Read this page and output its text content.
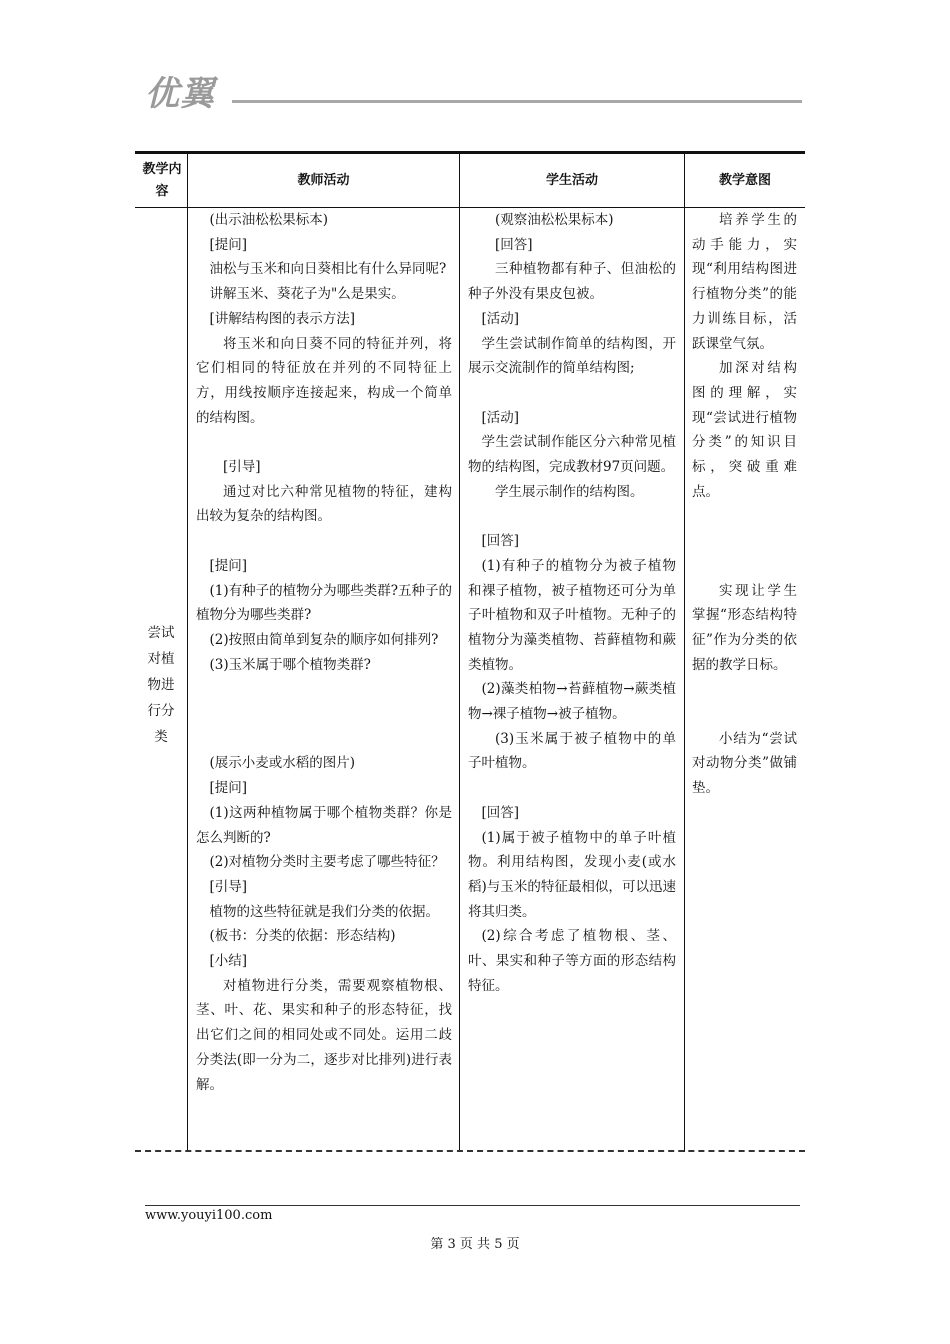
优翼
教学内容
教师活动	学生活动	教学意图
尝试
对植
物进
行分
类

(出示油松松果标本)

[提问]

油松与玉米和向日葵相比有什么异同呢?

讲解玉米、葵花子为"么是果实。

[讲解结构图的表示方法]

将玉米和向日葵不同的特征并列，将它们相同的特征放在并列的不同特征上方，用线按顺序连接起来，构成一个简单的结构图。

[引导]

通过对比六种常见植物的特征，建构出较为复杂的结构图。

[提问]

(1)有种子的植物分为哪些类群?五种子的植物分为哪些类群?

(2)按照由简单到复杂的顺序如何排列?

(3)玉米属于哪个植物类群?

(展示小麦或水稻的图片)

[提问]

(1)这两种植物属于哪个植物类群？你是怎么判断的?

(2)对植物分类时主要考虑了哪些特征？

[引导]

植物的这些特征就是我们分类的依据。

(板书：分类的依据：形态结构)

[小结]

对植物进行分类，需要观察植物根、茎、叶、花、果实和种子的形态特征，找出它们之间的相同处或不同处。运用二歧分类法(即一分为二，逐步对比排列)进行表解。

(观察油松松果标本)

[回答]

三种植物都有种子、但油松的种子外没有果皮包被。

[活动]

学生尝试制作简单的结构图，开展示交流制作的简单结构图;

[活动]

学生尝试制作能区分六种常见植物的结构图，完成教材97页问题。

学生展示制作的结构图。

[回答]

(1)有种子的植物分为被子植物和裸子植物，被子植物还可分为单子叶植物和双子叶植物。无种子的植物分为藻类植物、苔藓植物和蕨类植物。

(2)藻类柏物→苔藓植物→蕨类植物→裸子植物→被子植物。

(3)玉米属于被子植物中的单子叶植物。

[回答]

(1)属于被子植物中的单子叶植物。利用结构图，发现小麦(或水稻)与玉米的特征最相似，可以迅速将其归类。

(2)综合考虑了植物根、茎、叶、果实和种子等方面的形态结构特征。

培养学生的动手能力，实现“利用结构图进行植物分类”的能力训练目标，活跃课堂气氛。

加深对结构图的理解，实现“尝试进行植物分类”的知识目标，突破重难点。

实现让学生掌握“形态结构特征”作为分类的依据的教学日标。

小结为“尝试对动物分类”做铺垫。

www.youyi100.com
第 3 页 共 5 页
